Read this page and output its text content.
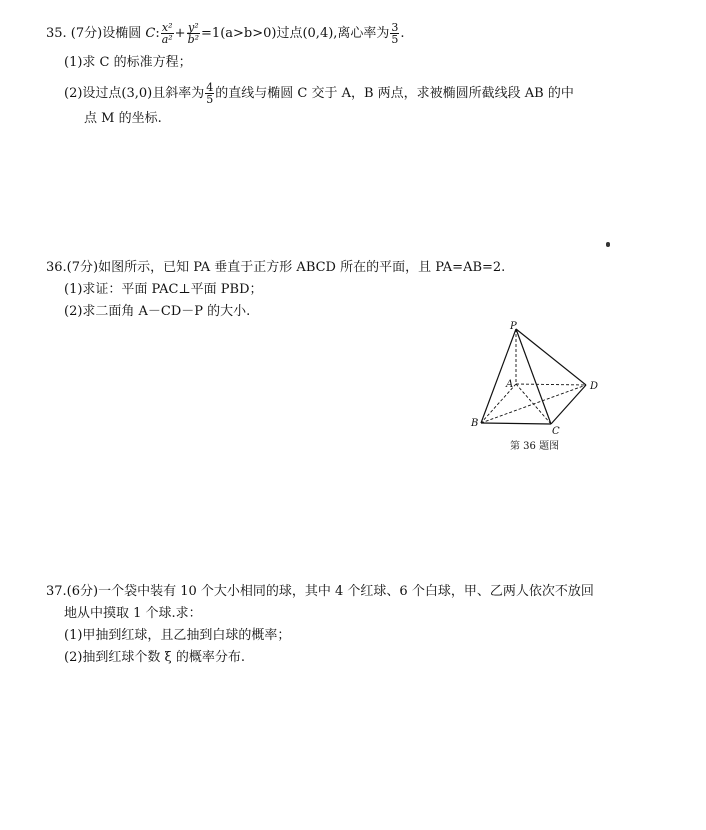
35. (7分)设椭圆 C: $\frac{\text{x²}}{\text{a²}} + \frac{\text{y²}}{\text{b²}} =1(a>b>0)$过点(0,4),离心率为 $\frac{3}{5}$ .
(1)求 C 的标准方程；
(2)设过点(3,0)且斜率为 $\frac{4}{5}$ 的直线与椭圆 C 交于 A，B 两点，求被椭圆所截线段 AB 的中
点 M 的坐标.
36.(7分)如图所示，已知 PA 垂直于正方形 ABCD 所在的平面，且 PA=AB=2.
(1)求证：平面 PAC⊥平面 PBD；
(2)求二面角 A－CD－P 的大小.
P
A
B
C
D
第 36 题图
37.(6分)一个袋中装有 10 个大小相同的球，其中 4 个红球、6 个白球，甲、乙两人依次不放回
地从中摸取 1 个球.求：
(1)甲抽到红球，且乙抽到白球的概率；
(2)抽到红球个数 ξ 的概率分布.
